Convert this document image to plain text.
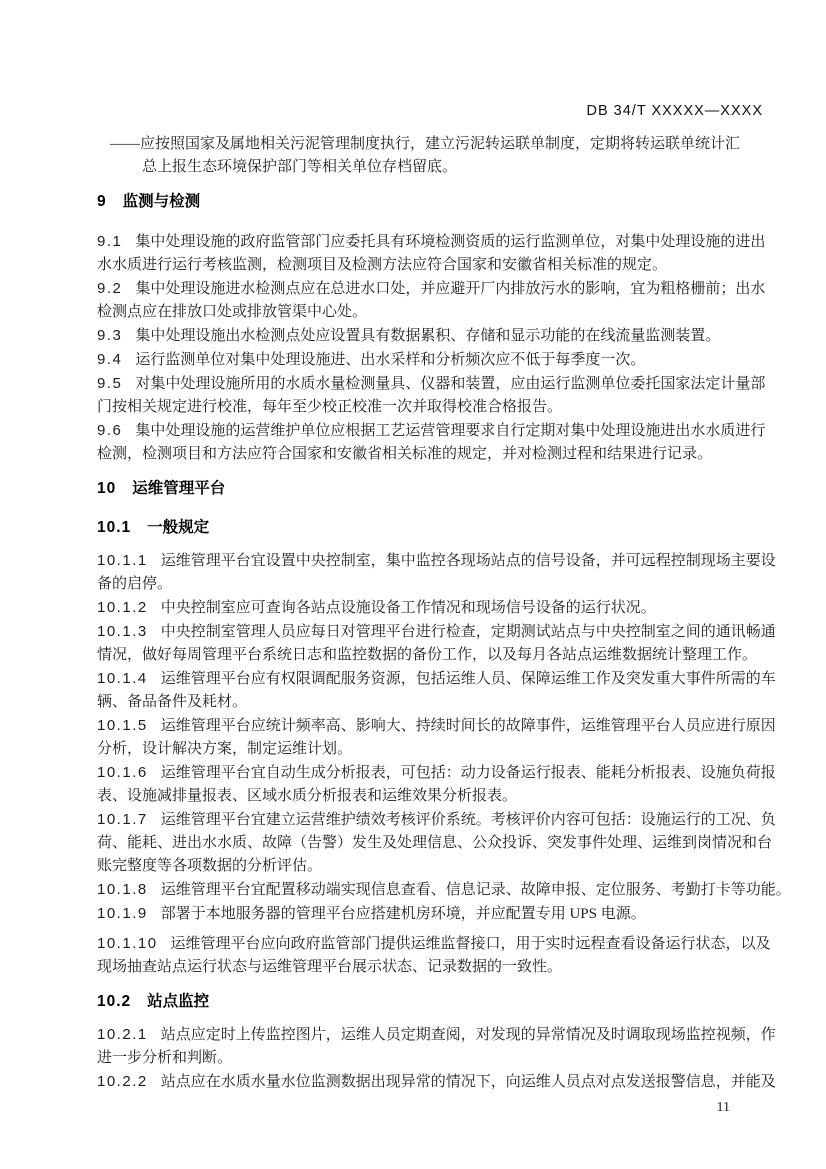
DB 34/T XXXXX—XXXX
——应按照国家及属地相关污泥管理制度执行，建立污泥转运联单制度，定期将转运联单统计汇
总上报生态环境保护部门等相关单位存档留底。
9 监测与检测
9.1 集中处理设施的政府监管部门应委托具有环境检测资质的运行监测单位，对集中处理设施的进出
水水质进行运行考核监测，检测项目及检测方法应符合国家和安徽省相关标准的规定。
9.2 集中处理设施进水检测点应在总进水口处，并应避开厂内排放污水的影响，宜为粗格栅前；出水
检测点应在排放口处或排放管渠中心处。
9.3 集中处理设施出水检测点处应设置具有数据累积、存储和显示功能的在线流量监测装置。
9.4 运行监测单位对集中处理设施进、出水采样和分析频次应不低于每季度一次。
9.5 对集中处理设施所用的水质水量检测量具、仪器和装置，应由运行监测单位委托国家法定计量部
门按相关规定进行校准，每年至少校正校准一次并取得校准合格报告。
9.6 集中处理设施的运营维护单位应根据工艺运营管理要求自行定期对集中处理设施进出水水质进行
检测，检测项目和方法应符合国家和安徽省相关标准的规定，并对检测过程和结果进行记录。
10 运维管理平台
10.1 一般规定
10.1.1 运维管理平台宜设置中央控制室，集中监控各现场站点的信号设备，并可远程控制现场主要设
备的启停。
10.1.2 中央控制室应可查询各站点设施设备工作情况和现场信号设备的运行状况。
10.1.3 中央控制室管理人员应每日对管理平台进行检查，定期测试站点与中央控制室之间的通讯畅通
情况，做好每周管理平台系统日志和监控数据的备份工作，以及每月各站点运维数据统计整理工作。
10.1.4 运维管理平台应有权限调配服务资源，包括运维人员、保障运维工作及突发重大事件所需的车
辆、备品备件及耗材。
10.1.5 运维管理平台应统计频率高、影响大、持续时间长的故障事件，运维管理平台人员应进行原因
分析，设计解决方案，制定运维计划。
10.1.6 运维管理平台宜自动生成分析报表，可包括：动力设备运行报表、能耗分析报表、设施负荷报
表、设施减排量报表、区域水质分析报表和运维效果分析报表。
10.1.7 运维管理平台宜建立运营维护绩效考核评价系统。考核评价内容可包括：设施运行的工况、负
荷、能耗、进出水水质、故障（告警）发生及处理信息、公众投诉、突发事件处理、运维到岗情况和台
账完整度等各项数据的分析评估。
10.1.8 运维管理平台宜配置移动端实现信息查看、信息记录、故障申报、定位服务、考勤打卡等功能。
10.1.9 部署于本地服务器的管理平台应搭建机房环境，并应配置专用 UPS 电源。
10.1.10 运维管理平台应向政府监管部门提供运维监督接口，用于实时远程查看设备运行状态，以及
现场抽查站点运行状态与运维管理平台展示状态、记录数据的一致性。
10.2 站点监控
10.2.1 站点应定时上传监控图片，运维人员定期查阅，对发现的异常情况及时调取现场监控视频，作
进一步分析和判断。
10.2.2 站点应在水质水量水位监测数据出现异常的情况下，向运维人员点对点发送报警信息，并能及
11
